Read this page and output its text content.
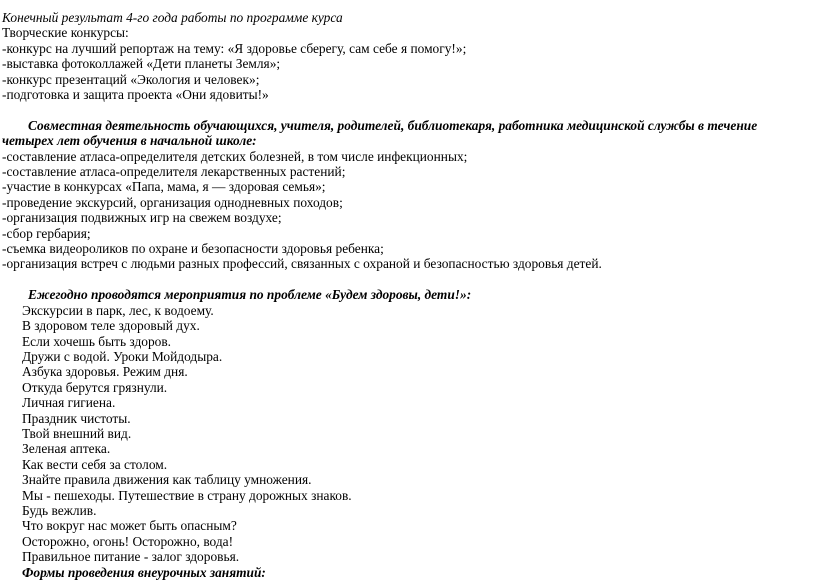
Конечный результат 4-го года работы по программе курса

Творческие конкурсы:

-конкурс на лучший репортаж на тему: «Я здоровье сберегу, сам себе я помогу!»;

-выставка фотоколлажей «Дети планеты Земля»;

-конкурс презентаций «Экология и человек»;

-подготовка и защита проекта «Они ядовиты!»

Совместная деятельность обучающихся, учителя, родителей, библиотекаря, работника медицинской службы в течение четырех лет обучения в начальной школе:

-составление атласа-определителя детских болезней, в том числе инфекционных;

-составление атласа-определителя лекарственных растений;

-участие в конкурсах «Папа, мама, я — здоровая семья»;

-проведение экскурсий, организация однодневных походов;

-организация подвижных игр на свежем воздухе;

-сбор гербария;

-съемка видеороликов по охране и безопасности здоровья ребенка;

-организация встреч с людьми разных профессий, связанных с охраной и безопасностью здоровья детей.

Ежегодно проводятся мероприятия по проблеме «Будем здоровы, дети!»:

Экскурсии в парк, лес, к водоему.

В здоровом теле здоровый дух.

Если хочешь быть здоров.

Дружи с водой. Уроки Мойдодыра.

Азбука здоровья. Режим дня.

Откуда берутся грязнули.

Личная гигиена.

Праздник чистоты.

Твой внешний вид.

Зеленая аптека.

Как вести себя за столом.

Знайте правила движения как таблицу умножения.

Мы - пешеходы. Путешествие в страну дорожных знаков.

Будь вежлив.

Что вокруг нас может быть опасным?

Осторожно, огонь! Осторожно, вода!

Правильное питание - залог здоровья.

Формы проведения внеурочных занятий:
